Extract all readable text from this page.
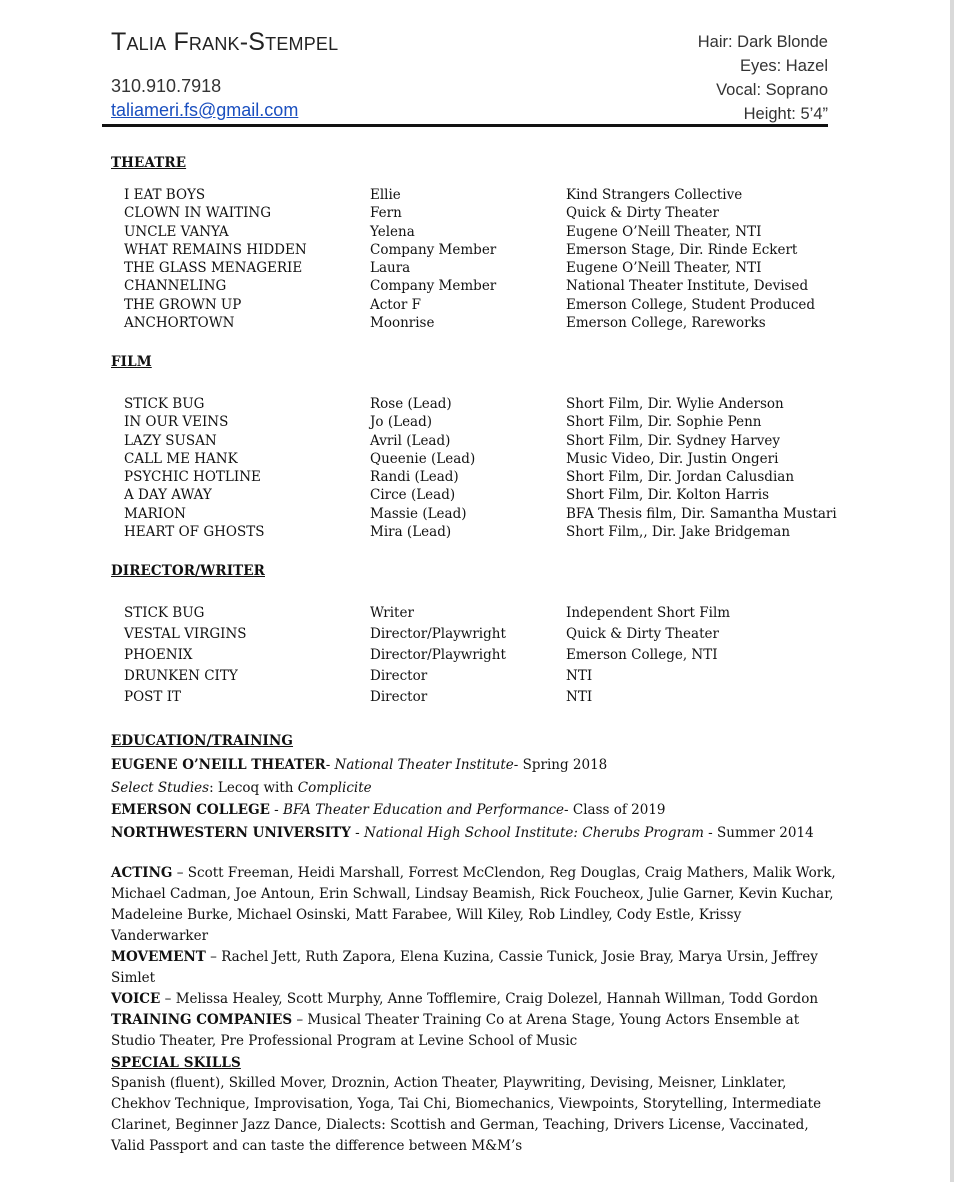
Talia Frank-Stempel
310.910.7918
taliameri.fs@gmail.com
Hair: Dark Blonde
Eyes: Hazel
Vocal: Soprano
Height: 5’4”
THEATRE
I EAT BOYS	Ellie	Kind Strangers Collective
CLOWN IN WAITING	Fern	Quick & Dirty Theater
UNCLE VANYA	Yelena	Eugene O’Neill Theater, NTI
WHAT REMAINS HIDDEN	Company Member	Emerson Stage, Dir. Rinde Eckert
THE GLASS MENAGERIE	Laura	Eugene O’Neill Theater, NTI
CHANNELING	Company Member	National Theater Institute, Devised
THE GROWN UP	Actor F	Emerson College, Student Produced
ANCHORTOWN	Moonrise	Emerson College, Rareworks
FILM
STICK BUG	Rose (Lead)	Short Film, Dir. Wylie Anderson
IN OUR VEINS	Jo (Lead)	Short Film, Dir. Sophie Penn
LAZY SUSAN	Avril (Lead)	Short Film, Dir. Sydney Harvey
CALL ME HANK	Queenie (Lead)	Music Video, Dir. Justin Ongeri
PSYCHIC HOTLINE	Randi (Lead)	Short Film, Dir. Jordan Calusdian
A DAY AWAY	Circe (Lead)	Short Film, Dir. Kolton Harris
MARION	Massie (Lead)	BFA Thesis film, Dir. Samantha Mustari
HEART OF GHOSTS	Mira (Lead)	Short Film,, Dir. Jake Bridgeman
DIRECTOR/WRITER
STICK BUG	Writer	Independent Short Film
VESTAL VIRGINS	Director/Playwright	Quick & Dirty Theater
PHOENIX	Director/Playwright	Emerson College, NTI
DRUNKEN CITY	Director	NTI
POST IT	Director	NTI
EDUCATION/TRAINING
EUGENE O’NEILL THEATER- National Theater Institute- Spring 2018
Select Studies: Lecoq with Complicite
EMERSON COLLEGE - BFA Theater Education and Performance- Class of 2019
NORTHWESTERN UNIVERSITY - National High School Institute: Cherubs Program - Summer 2014
ACTING – Scott Freeman, Heidi Marshall, Forrest McClendon, Reg Douglas, Craig Mathers, Malik Work, Michael Cadman, Joe Antoun, Erin Schwall, Lindsay Beamish, Rick Foucheox, Julie Garner, Kevin Kuchar, Madeleine Burke, Michael Osinski, Matt Farabee, Will Kiley, Rob Lindley, Cody Estle, Krissy Vanderwarker
MOVEMENT – Rachel Jett, Ruth Zapora, Elena Kuzina, Cassie Tunick, Josie Bray, Marya Ursin, Jeffrey Simlet
VOICE – Melissa Healey, Scott Murphy, Anne Tofflemire, Craig Dolezel, Hannah Willman, Todd Gordon
TRAINING COMPANIES – Musical Theater Training Co at Arena Stage, Young Actors Ensemble at Studio Theater, Pre Professional Program at Levine School of Music
SPECIAL SKILLS
Spanish (fluent), Skilled Mover, Droznin, Action Theater, Playwriting, Devising, Meisner, Linklater, Chekhov Technique, Improvisation, Yoga, Tai Chi, Biomechanics, Viewpoints, Storytelling, Intermediate Clarinet, Beginner Jazz Dance, Dialects: Scottish and German, Teaching, Drivers License, Vaccinated, Valid Passport and can taste the difference between M&M’s
